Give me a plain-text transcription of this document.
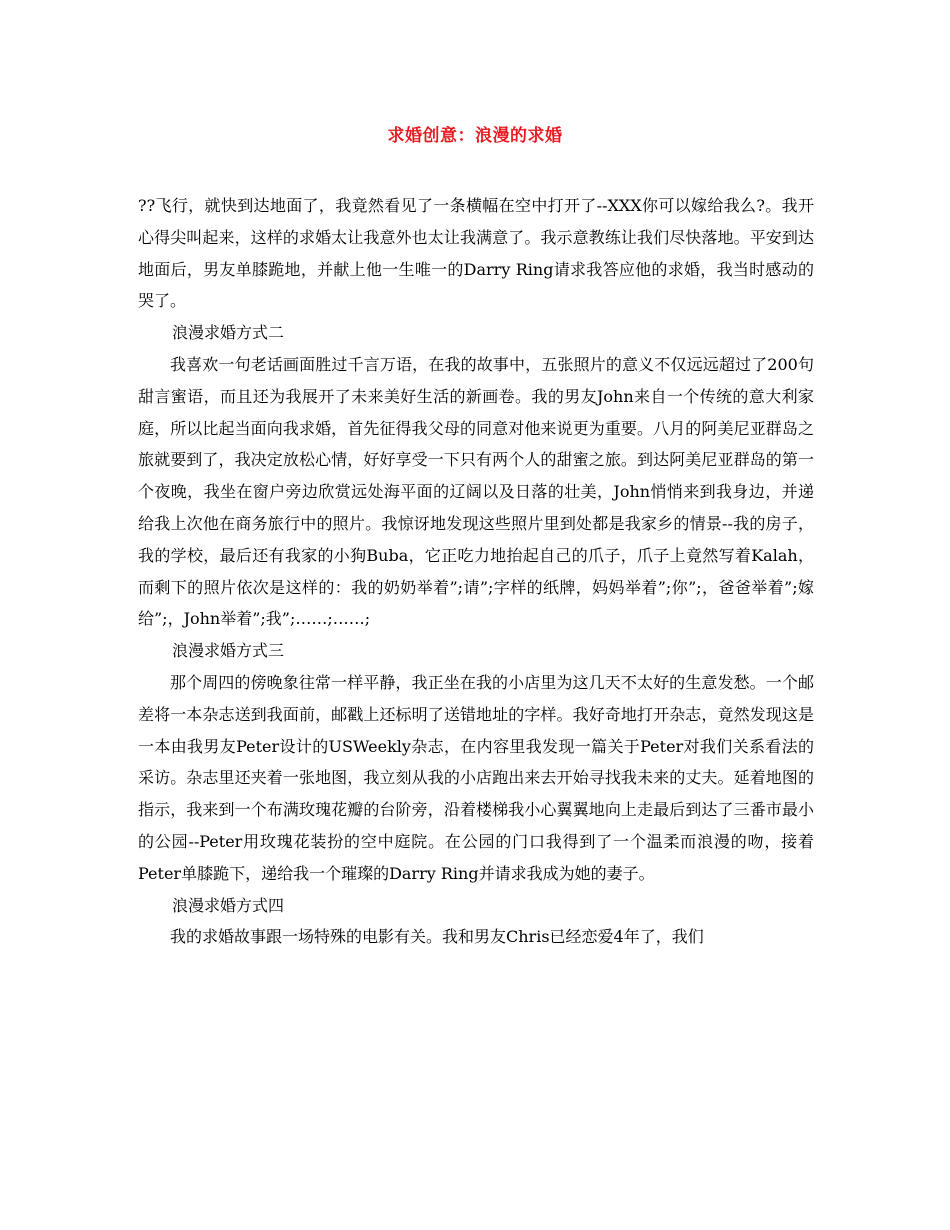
求婚创意：浪漫的求婚

??飞行，就快到达地面了，我竟然看见了一条横幅在空中打开了--XXX你可以嫁给我么?。我开心得尖叫起来，这样的求婚太让我意外也太让我满意了。我示意教练让我们尽快落地。平安到达地面后，男友单膝跪地，并献上他一生唯一的Darry Ring请求我答应他的求婚，我当时感动的哭了。

浪漫求婚方式二

我喜欢一句老话画面胜过千言万语，在我的故事中，五张照片的意义不仅远远超过了200句甜言蜜语，而且还为我展开了未来美好生活的新画卷。我的男友John来自一个传统的意大利家庭，所以比起当面向我求婚，首先征得我父母的同意对他来说更为重要。八月的阿美尼亚群岛之旅就要到了，我决定放松心情，好好享受一下只有两个人的甜蜜之旅。到达阿美尼亚群岛的第一个夜晚，我坐在窗户旁边欣赏远处海平面的辽阔以及日落的壮美，John悄悄来到我身边，并递给我上次他在商务旅行中的照片。我惊讶地发现这些照片里到处都是我家乡的情景--我的房子，我的学校，最后还有我家的小狗Buba，它正吃力地抬起自己的爪子，爪子上竟然写着Kalah，而剩下的照片依次是这样的：我的奶奶举着”;请”;字样的纸牌，妈妈举着”;你”;，爸爸举着”;嫁给”;，John举着”;我”;……;……;

浪漫求婚方式三

那个周四的傍晚象往常一样平静，我正坐在我的小店里为这几天不太好的生意发愁。一个邮差将一本杂志送到我面前，邮戳上还标明了送错地址的字样。我好奇地打开杂志，竟然发现这是一本由我男友Peter设计的USWeekly杂志，在内容里我发现一篇关于Peter对我们关系看法的采访。杂志里还夹着一张地图，我立刻从我的小店跑出来去开始寻找我未来的丈夫。延着地图的指示，我来到一个布满玫瑰花瓣的台阶旁，沿着楼梯我小心翼翼地向上走最后到达了三番市最小的公园--Peter用玫瑰花装扮的空中庭院。在公园的门口我得到了一个温柔而浪漫的吻，接着Peter单膝跪下，递给我一个璀璨的Darry Ring并请求我成为她的妻子。

浪漫求婚方式四

我的求婚故事跟一场特殊的电影有关。我和男友Chris已经恋爱4年了，我们
